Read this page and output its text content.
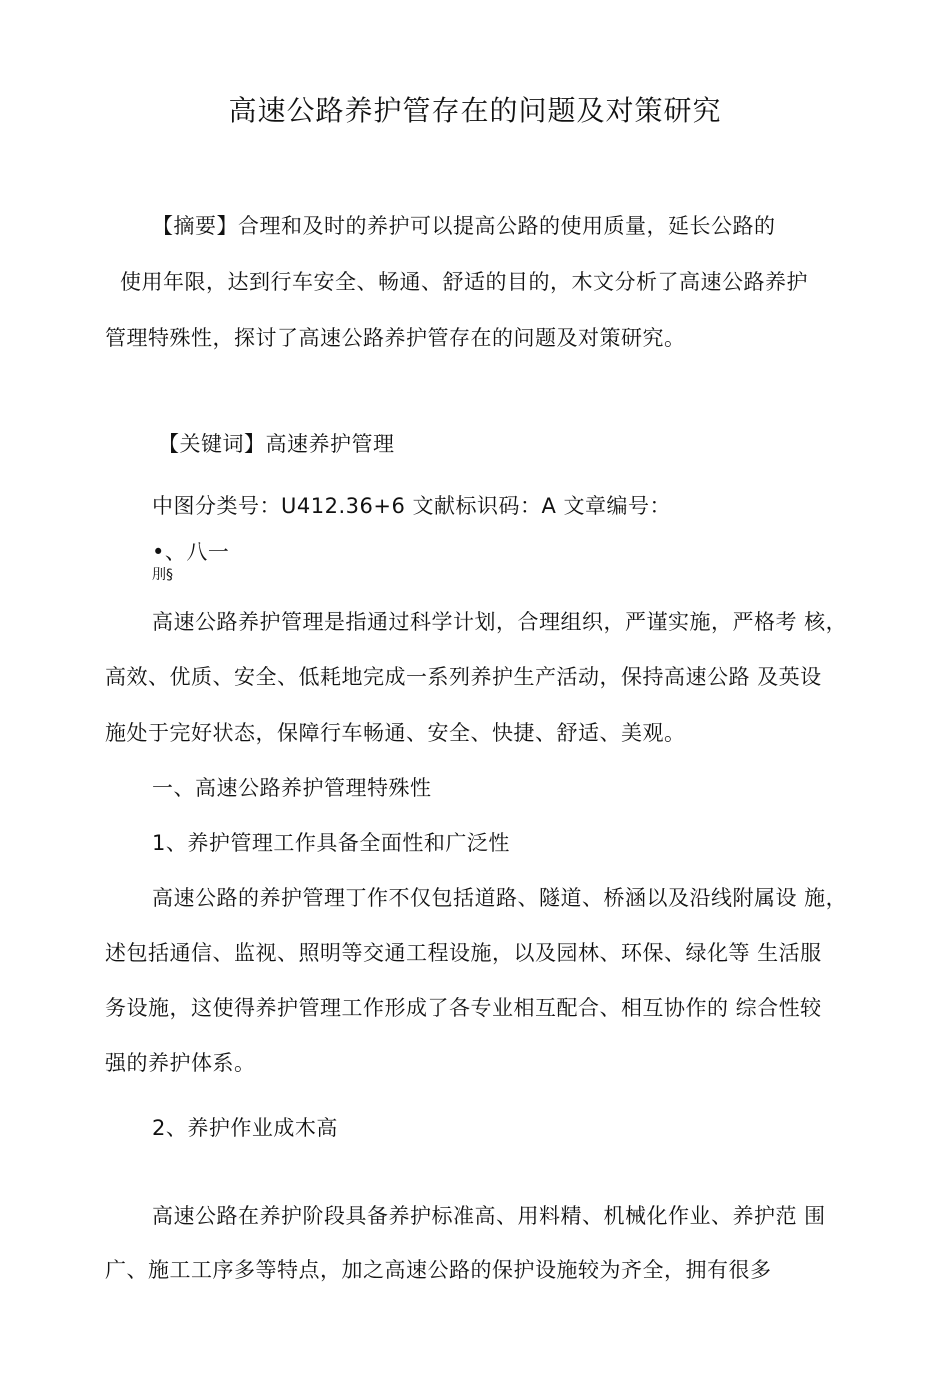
高速公路养护管存在的问题及对策研究
【摘要】合理和及时的养护可以提高公路的使用质量，延长公路的
使用年限，达到行车安全、畅通、舒适的目的，木文分析了高速公路养护
管理特殊性，探讨了高速公路养护管存在的问题及对策研究。
【关键词】高速养护管理
中图分类号：U412.36+6 文献标识码：A 文章编号：
•、八一
刖§
高速公路养护管理是指通过科学计划，合理组织，严谨实施，严格考 核，
高效、优质、安全、低耗地完成一系列养护生产活动，保持高速公路 及英设
施处于完好状态，保障行车畅通、安全、快捷、舒适、美观。
一、高速公路养护管理特殊性
1、养护管理工作具备全面性和广泛性
高速公路的养护管理丁作不仅包括道路、隧道、桥涵以及沿线附属设 施，
述包括通信、监视、照明等交通工程设施，以及园林、环保、绿化等 生活服
务设施，这使得养护管理工作形成了各专业相互配合、相互协作的 综合性较
强的养护体系。
2、养护作业成木高
高速公路在养护阶段具备养护标准高、用料精、机械化作业、养护范 围
广、施工工序多等特点，加之高速公路的保护设施较为齐全，拥有很多
